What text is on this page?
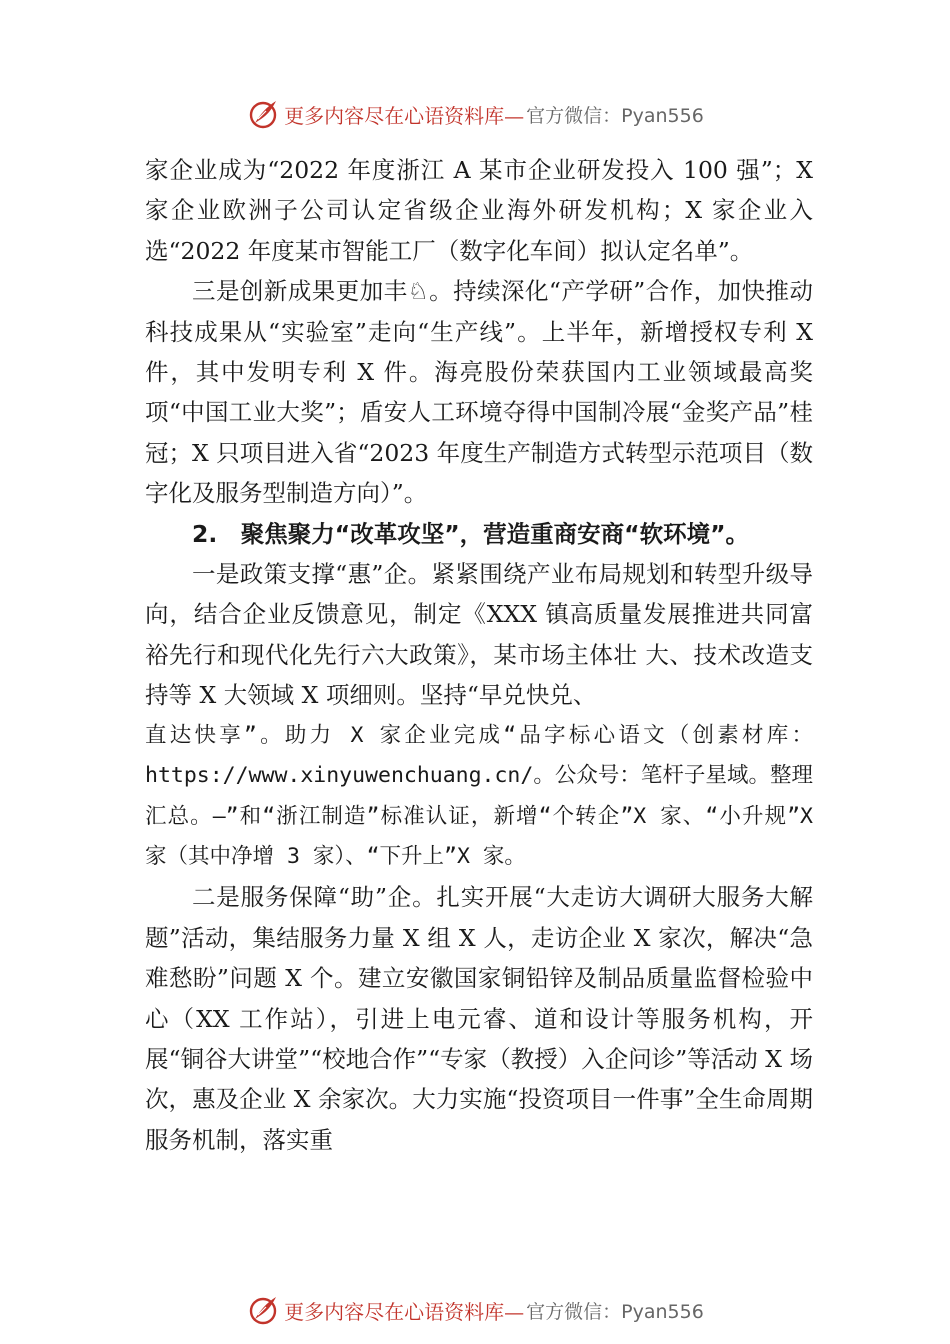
更多内容尽在心语资料库— 官方微信：Pyan556

家企业成为“2022 年度浙江 A 某市企业研发投入 100 强”；X 家企业欧洲子公司认定省级企业海外研发机构；X 家企业入选“2022 年度某市智能工厂（数字化车间）拟认定名单”。

三是创新成果更加丰♘。持续深化“产学研”合作，加快推动科技成果从“实验室”走向“生产线”。上半年，新增授权专利 X 件，其中发明专利 X 件。海亮股份荣获国内工业领域最高奖项“中国工业大奖”；盾安人工环境夺得中国制冷展“金奖产品”桂冠；X 只项目进入省“2023 年度生产制造方式转型示范项目（数字化及服务型制造方向）”。

2.　聚焦聚力“改革攻坚”，营造重商安商“软环境”。

一是政策支撑“惠”企。紧紧围绕产业布局规划和转型升级导向，结合企业反馈意见，制定《XXX 镇高质量发展推进共同富裕先行和现代化先行六大政策》，某市场主体壮 大、技术改造支持等 X 大领域 X 项细则。坚持“早兑快兑、

直达快享”。助力 X 家企业完成“品字标心语文（创素材库：https://www.xinyuwenchuang.cn/。公众号：笔杆子星域。整理汇总。—”和“浙江制造”标准认证，新增“个转企”X 家、“小升规”X 家（其中净增 3 家）、“下升上”X 家。

二是服务保障“助”企。扎实开展“大走访大调研大服务大解题”活动，集结服务力量 X 组 X 人，走访企业 X 家次，解决“急难愁盼”问题 X 个。建立安徽国家铜铅锌及制品质量监督检验中心（XX 工作站），引进上电元睿、道和设计等服务机构，开展“铜谷大讲堂”“校地合作”“专家（教授）入企问诊”等活动 X 场次，惠及企业 X 余家次。大力实施“投资项目一件事”全生命周期服务机制，落实重

更多内容尽在心语资料库— 官方微信：Pyan556
